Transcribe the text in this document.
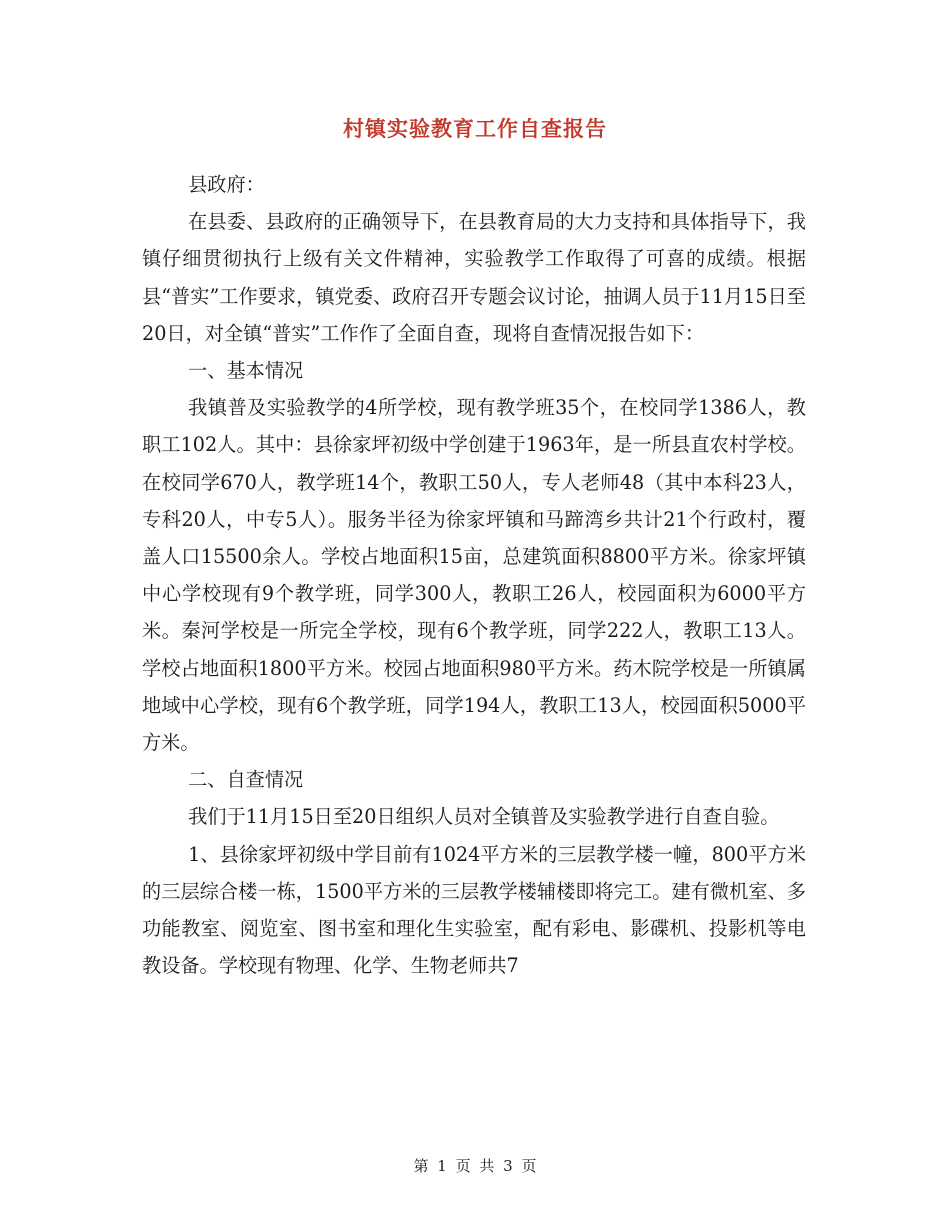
村镇实验教育工作自查报告

县政府：

在县委、县政府的正确领导下，在县教育局的大力支持和具体指导下，我镇仔细贯彻执行上级有关文件精神，实验教学工作取得了可喜的成绩。根据县“普实”工作要求，镇党委、政府召开专题会议讨论，抽调人员于11月15日至20日，对全镇“普实”工作作了全面自查，现将自查情况报告如下：

一、基本情况

我镇普及实验教学的4所学校，现有教学班35个，在校同学1386人，教职工102人。其中：县徐家坪初级中学创建于1963年，是一所县直农村学校。在校同学670人，教学班14个，教职工50人，专人老师48（其中本科23人，专科20人，中专5人）。服务半径为徐家坪镇和马蹄湾乡共计21个行政村，覆盖人口15500余人。学校占地面积15亩，总建筑面积8800平方米。徐家坪镇中心学校现有9个教学班，同学300人，教职工26人，校园面积为6000平方米。秦河学校是一所完全学校，现有6个教学班，同学222人，教职工13人。学校占地面积1800平方米。校园占地面积980平方米。药木院学校是一所镇属地域中心学校，现有6个教学班，同学194人，教职工13人，校园面积5000平方米。

二、自查情况

我们于11月15日至20日组织人员对全镇普及实验教学进行自查自验。

1、县徐家坪初级中学目前有1024平方米的三层教学楼一幢，800平方米的三层综合楼一栋，1500平方米的三层教学楼辅楼即将完工。建有微机室、多功能教室、阅览室、图书室和理化生实验室，配有彩电、影碟机、投影机等电教设备。学校现有物理、化学、生物老师共7

第 1 页 共 3 页
